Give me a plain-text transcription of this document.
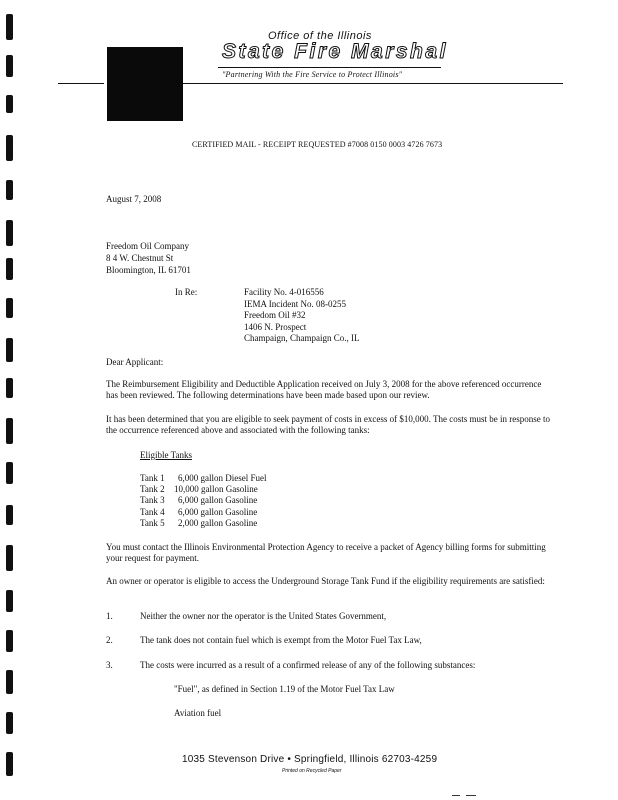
Office of the Illinois
State Fire Marshal
"Partnering With the Fire Service to Protect Illinois"
CERTIFIED MAIL - RECEIPT REQUESTED #7008 0150 0003 4726 7673
August 7, 2008
Freedom Oil Company
8 4 W. Chestnut St
Bloomington, IL 61701
In Re:	Facility No. 4-016556
IEMA Incident No. 08-0255
Freedom Oil #32
1406 N. Prospect
Champaign, Champaign Co., IL
Dear Applicant:
The Reimbursement Eligibility and Deductible Application received on July 3, 2008 for the above referenced occurrence has been reviewed. The following determinations have been made based upon our review.
It has been determined that you are eligible to seek payment of costs in excess of $10,000. The costs must be in response to the occurrence referenced above and associated with the following tanks:
Eligible Tanks
Tank 1 6,000 gallon Diesel Fuel
Tank 2 10,000 gallon Gasoline
Tank 3 6,000 gallon Gasoline
Tank 4 6,000 gallon Gasoline
Tank 5 2,000 gallon Gasoline
You must contact the Illinois Environmental Protection Agency to receive a packet of Agency billing forms for submitting your request for payment.
An owner or operator is eligible to access the Underground Storage Tank Fund if the eligibility requirements are satisfied:
1.	Neither the owner nor the operator is the United States Government,
2.	The tank does not contain fuel which is exempt from the Motor Fuel Tax Law,
3.	The costs were incurred as a result of a confirmed release of any of the following substances:
"Fuel", as defined in Section 1.19 of the Motor Fuel Tax Law
Aviation fuel
1035 Stevenson Drive • Springfield, Illinois 62703-4259
Printed on Recycled Paper
